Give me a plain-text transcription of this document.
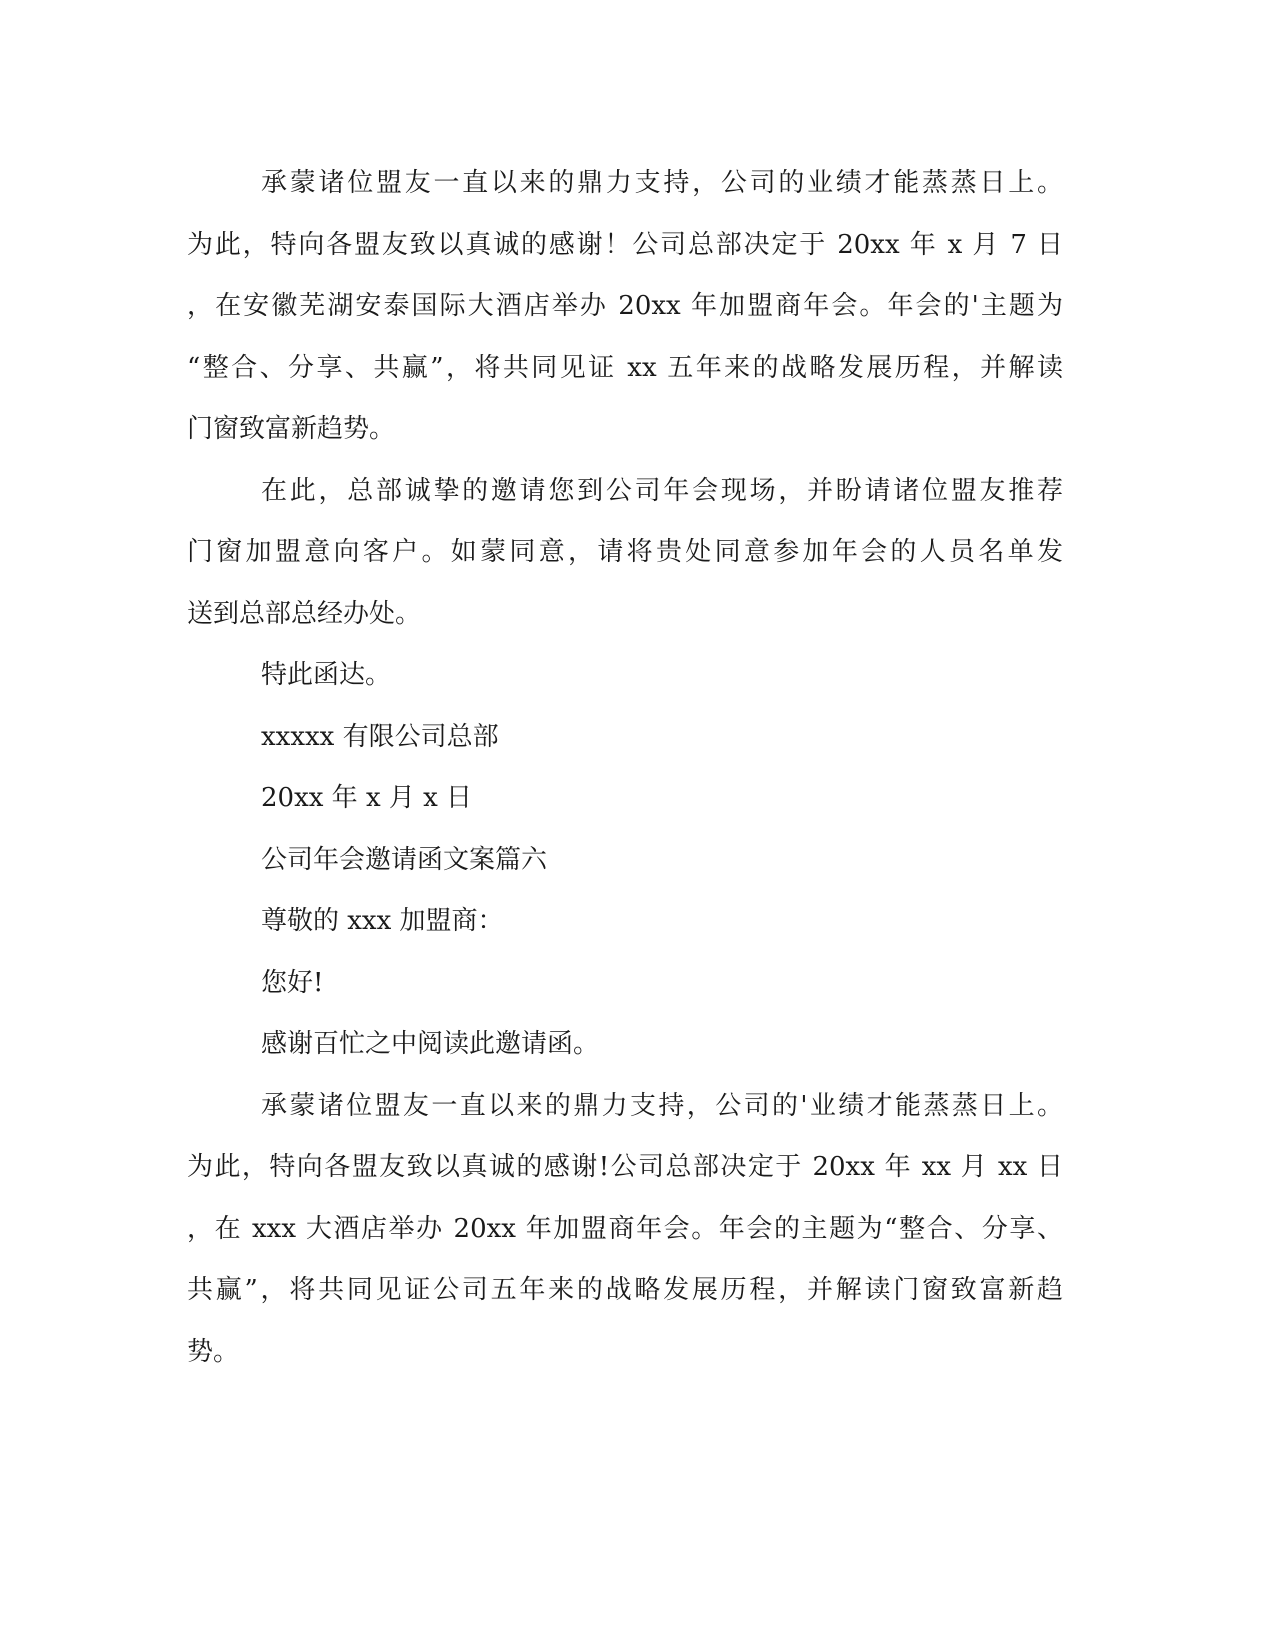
承蒙诸位盟友一直以来的鼎力支持，公司的业绩才能蒸蒸日上。
为此，特向各盟友致以真诚的感谢！公司总部决定于 20xx 年 x 月 7 日
，在安徽芜湖安泰国际大酒店举办 20xx 年加盟商年会。年会的'主题为
“整合、分享、共赢”，将共同见证 xx 五年来的战略发展历程，并解读
门窗致富新趋势。
在此，总部诚挚的邀请您到公司年会现场，并盼请诸位盟友推荐
门窗加盟意向客户。如蒙同意，请将贵处同意参加年会的人员名单发
送到总部总经办处。
特此函达。
xxxxx 有限公司总部
20xx 年 x 月 x 日
公司年会邀请函文案篇六
尊敬的 xxx 加盟商：
您好!
感谢百忙之中阅读此邀请函。
承蒙诸位盟友一直以来的鼎力支持，公司的'业绩才能蒸蒸日上。
为此，特向各盟友致以真诚的感谢!公司总部决定于 20xx 年 xx 月 xx 日
，在 xxx 大酒店举办 20xx 年加盟商年会。年会的主题为“整合、分享、
共赢”，将共同见证公司五年来的战略发展历程，并解读门窗致富新趋
势。
